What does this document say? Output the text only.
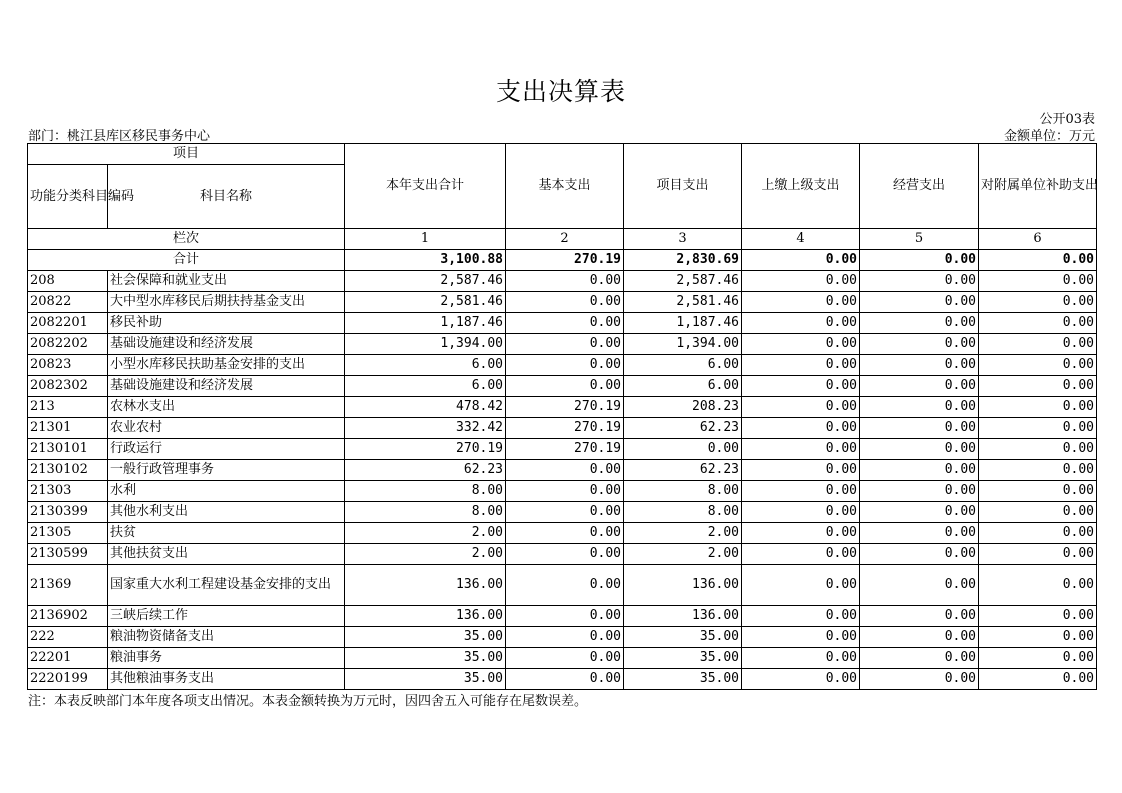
支出决算表
公开03表
部门：桃江县库区移民事务中心	金额单位：万元
项目		本年支出合计	基本支出	项目支出	上缴上级支出	经营支出	对附属单位补助支出
功能分类科目编码	科目名称						
栏次		1	2	3	4	5	6
合计		3,100.88	270.19	2,830.69	0.00	0.00	0.00
208	社会保障和就业支出	2,587.46	0.00	2,587.46	0.00	0.00	0.00
20822	大中型水库移民后期扶持基金支出	2,581.46	0.00	2,581.46	0.00	0.00	0.00
2082201	移民补助	1,187.46	0.00	1,187.46	0.00	0.00	0.00
2082202	基础设施建设和经济发展	1,394.00	0.00	1,394.00	0.00	0.00	0.00
20823	小型水库移民扶助基金安排的支出	6.00	0.00	6.00	0.00	0.00	0.00
2082302	基础设施建设和经济发展	6.00	0.00	6.00	0.00	0.00	0.00
213	农林水支出	478.42	270.19	208.23	0.00	0.00	0.00
21301	农业农村	332.42	270.19	62.23	0.00	0.00	0.00
2130101	行政运行	270.19	270.19	0.00	0.00	0.00	0.00
2130102	一般行政管理事务	62.23	0.00	62.23	0.00	0.00	0.00
21303	水利	8.00	0.00	8.00	0.00	0.00	0.00
2130399	其他水利支出	8.00	0.00	8.00	0.00	0.00	0.00
21305	扶贫	2.00	0.00	2.00	0.00	0.00	0.00
2130599	其他扶贫支出	2.00	0.00	2.00	0.00	0.00	0.00
21369	国家重大水利工程建设基金安排的支出	136.00	0.00	136.00	0.00	0.00	0.00
2136902	三峡后续工作	136.00	0.00	136.00	0.00	0.00	0.00
222	粮油物资储备支出	35.00	0.00	35.00	0.00	0.00	0.00
22201	粮油事务	35.00	0.00	35.00	0.00	0.00	0.00
2220199	其他粮油事务支出	35.00	0.00	35.00	0.00	0.00	0.00
注：本表反映部门本年度各项支出情况。本表金额转换为万元时，因四舍五入可能存在尾数误差。
